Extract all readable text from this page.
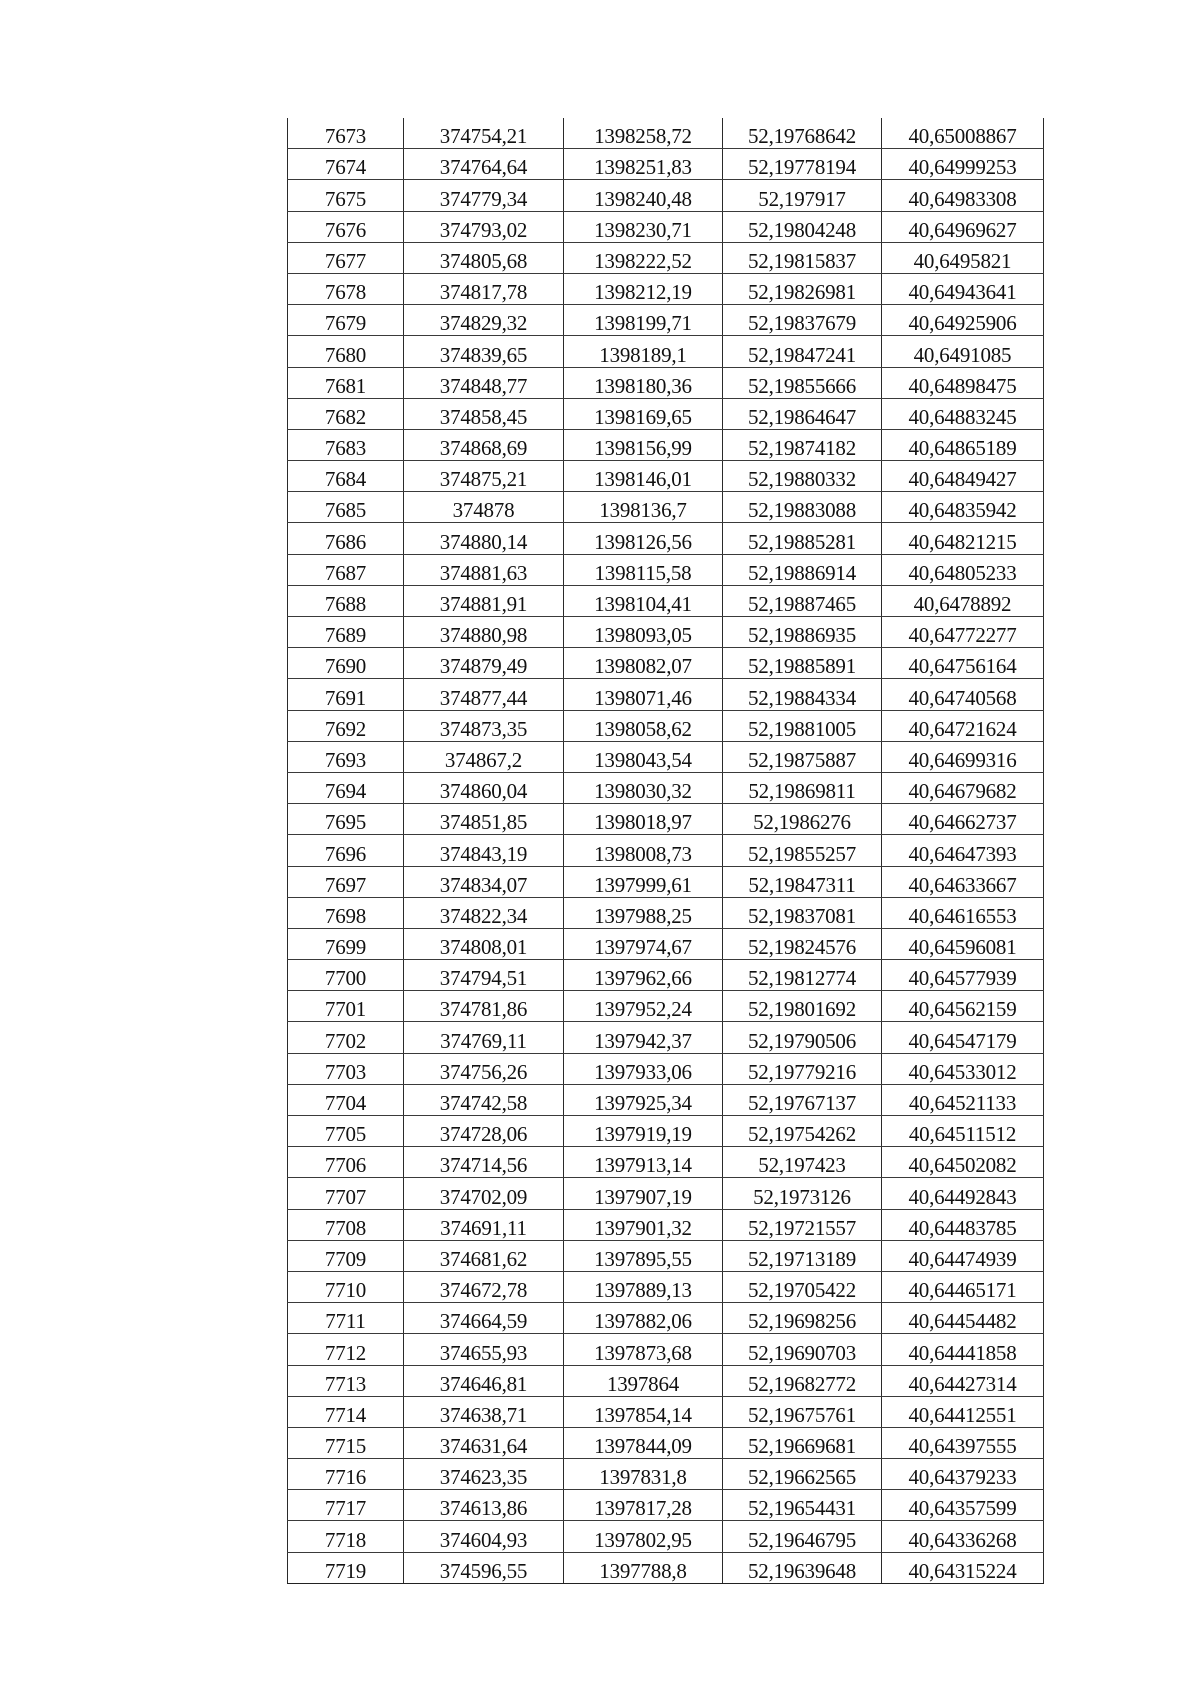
7673	374754,21	1398258,72	52,19768642	40,65008867
7674	374764,64	1398251,83	52,19778194	40,64999253
7675	374779,34	1398240,48	52,197917	40,64983308
7676	374793,02	1398230,71	52,19804248	40,64969627
7677	374805,68	1398222,52	52,19815837	40,6495821
7678	374817,78	1398212,19	52,19826981	40,64943641
7679	374829,32	1398199,71	52,19837679	40,64925906
7680	374839,65	1398189,1	52,19847241	40,6491085
7681	374848,77	1398180,36	52,19855666	40,64898475
7682	374858,45	1398169,65	52,19864647	40,64883245
7683	374868,69	1398156,99	52,19874182	40,64865189
7684	374875,21	1398146,01	52,19880332	40,64849427
7685	374878	1398136,7	52,19883088	40,64835942
7686	374880,14	1398126,56	52,19885281	40,64821215
7687	374881,63	1398115,58	52,19886914	40,64805233
7688	374881,91	1398104,41	52,19887465	40,6478892
7689	374880,98	1398093,05	52,19886935	40,64772277
7690	374879,49	1398082,07	52,19885891	40,64756164
7691	374877,44	1398071,46	52,19884334	40,64740568
7692	374873,35	1398058,62	52,19881005	40,64721624
7693	374867,2	1398043,54	52,19875887	40,64699316
7694	374860,04	1398030,32	52,19869811	40,64679682
7695	374851,85	1398018,97	52,1986276	40,64662737
7696	374843,19	1398008,73	52,19855257	40,64647393
7697	374834,07	1397999,61	52,19847311	40,64633667
7698	374822,34	1397988,25	52,19837081	40,64616553
7699	374808,01	1397974,67	52,19824576	40,64596081
7700	374794,51	1397962,66	52,19812774	40,64577939
7701	374781,86	1397952,24	52,19801692	40,64562159
7702	374769,11	1397942,37	52,19790506	40,64547179
7703	374756,26	1397933,06	52,19779216	40,64533012
7704	374742,58	1397925,34	52,19767137	40,64521133
7705	374728,06	1397919,19	52,19754262	40,64511512
7706	374714,56	1397913,14	52,197423	40,64502082
7707	374702,09	1397907,19	52,1973126	40,64492843
7708	374691,11	1397901,32	52,19721557	40,64483785
7709	374681,62	1397895,55	52,19713189	40,64474939
7710	374672,78	1397889,13	52,19705422	40,64465171
7711	374664,59	1397882,06	52,19698256	40,64454482
7712	374655,93	1397873,68	52,19690703	40,64441858
7713	374646,81	1397864	52,19682772	40,64427314
7714	374638,71	1397854,14	52,19675761	40,64412551
7715	374631,64	1397844,09	52,19669681	40,64397555
7716	374623,35	1397831,8	52,19662565	40,64379233
7717	374613,86	1397817,28	52,19654431	40,64357599
7718	374604,93	1397802,95	52,19646795	40,64336268
7719	374596,55	1397788,8	52,19639648	40,64315224
